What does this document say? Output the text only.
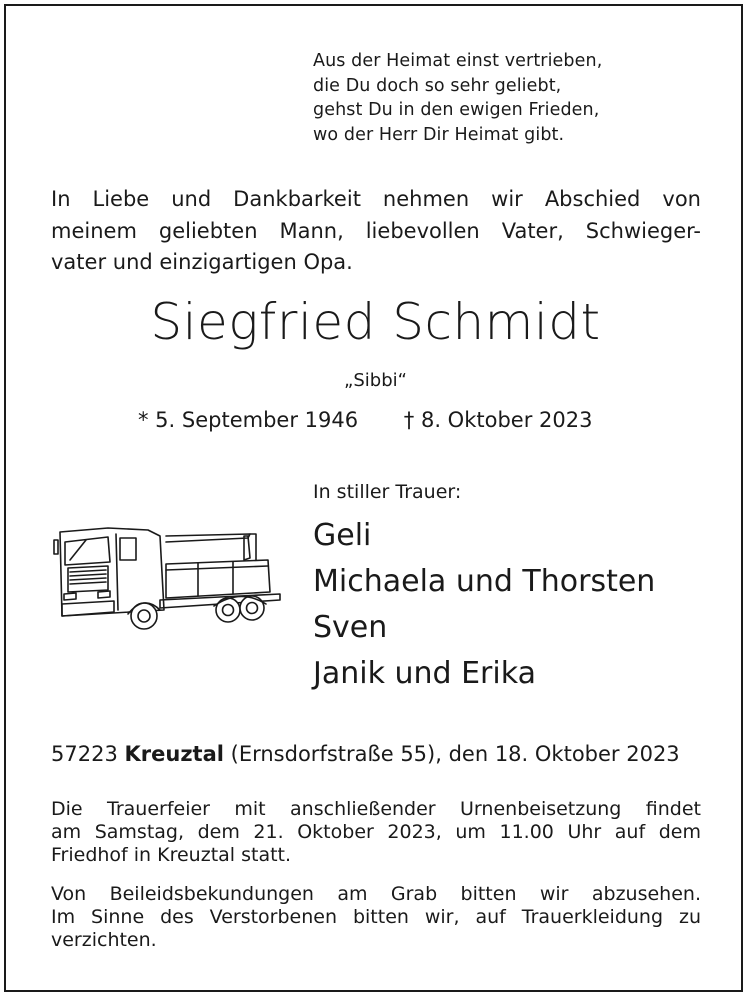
Aus der Heimat einst vertrieben,
die Du doch so sehr geliebt,
gehst Du in den ewigen Frieden,
wo der Herr Dir Heimat gibt.
In Liebe und Dankbarkeit nehmen wir Abschied von
meinem geliebten Mann, liebevollen Vater, Schwieger-
vater und einzigartigen Opa.
Siegfried Schmidt
„Sibbi“
* 5. September 1946 † 8. Oktober 2023
In stiller Trauer:
Geli
Michaela und Thorsten
Sven
Janik und Erika
57223 Kreuztal (Ernsdorfstraße 55), den 18. Oktober 2023
Die Trauerfeier mit anschließender Urnenbeisetzung findet
am Samstag, dem 21. Oktober 2023, um 11.00 Uhr auf dem
Friedhof in Kreuztal statt.
Von Beileidsbekundungen am Grab bitten wir abzusehen.
Im Sinne des Verstorbenen bitten wir, auf Trauerkleidung zu
verzichten.
